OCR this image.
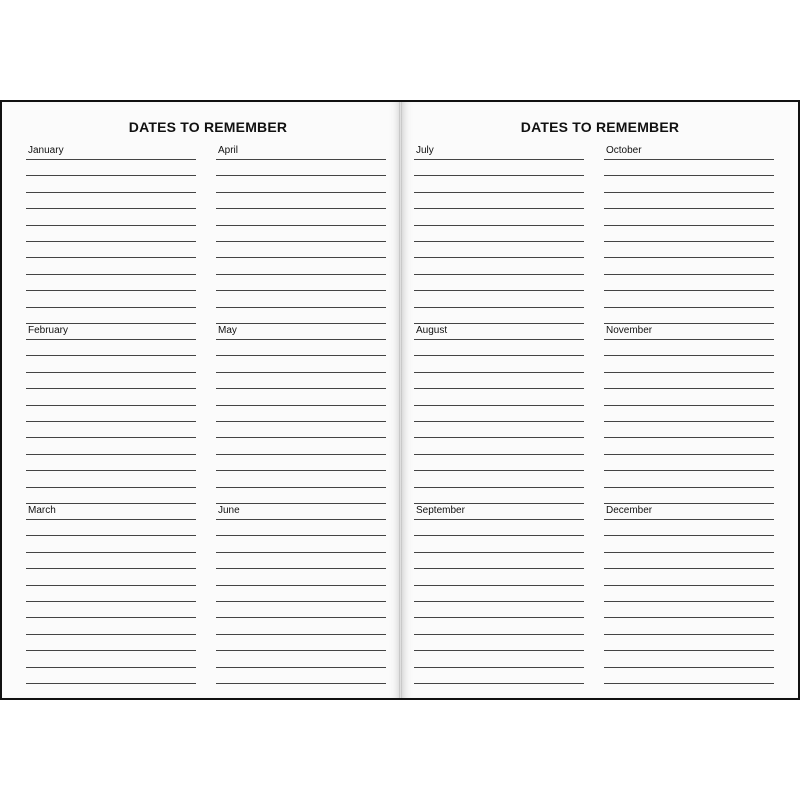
DATES TO REMEMBER
January	April
February	May
March	June
DATES TO REMEMBER
July	October
August	November
September	December
